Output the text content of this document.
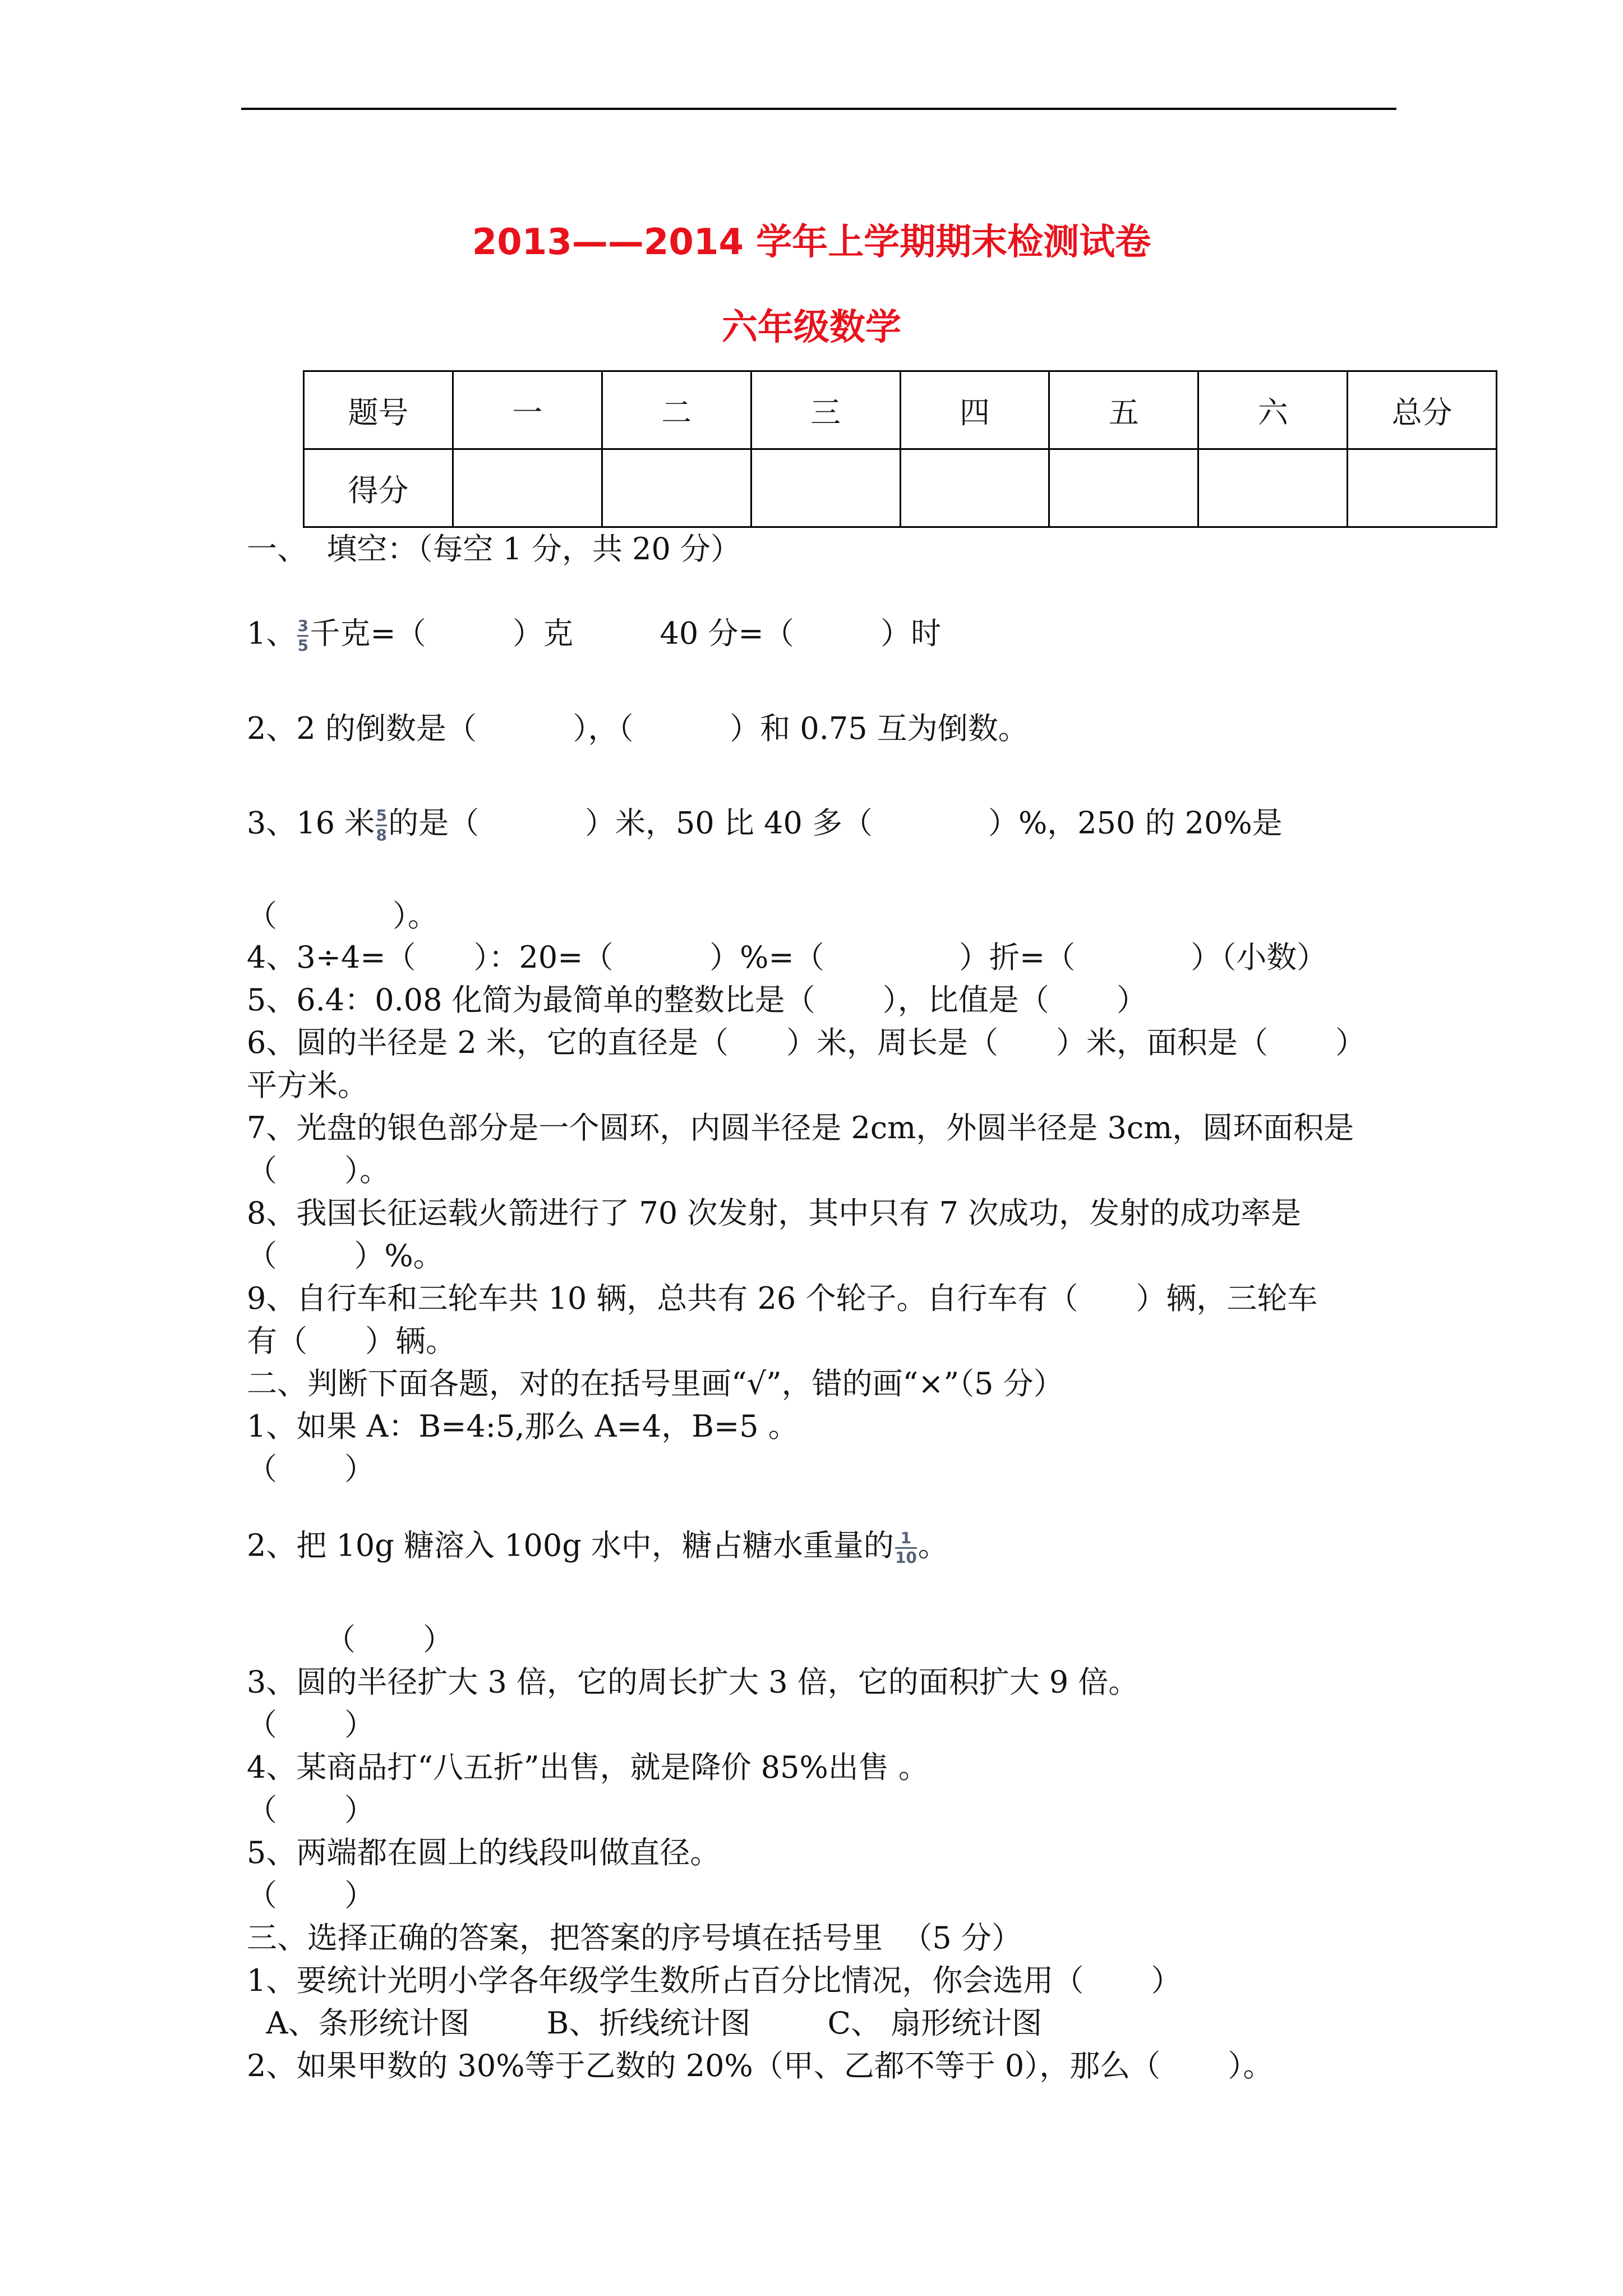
2013——2014 学年上学期期末检测试卷
六年级数学
题号	一	二	三	四	五	六	总分
得分							
一、  填空：（每空 1 分，共 20 分）
1、 $\frac{3}{5}$ 千克=（         ）克         40 分=（         ）时
2、2 的倒数是（          ），（          ）和 0.75 互为倒数。
3、16 米 $\frac{5}{8}$ 的是（           ）米，50 比 40 多（            ）%，250 的 20%是
（            ）。
4、3÷4=（      ）：20=（          ）%=（              ）折=（            ）（小数）
5、6.4：0.08 化简为最简单的整数比是（       ），比值是（       ）
6、圆的半径是 2 米，它的直径是（      ）米，周长是（      ）米，面积是（       ）
平方米。
7、光盘的银色部分是一个圆环，内圆半径是 2cm，外圆半径是 3cm，圆环面积是
（       ）。
8、我国长征运载火箭进行了 70 次发射，其中只有 7 次成功，发射的成功率是
（        ）%。
9、自行车和三轮车共 10 辆，总共有 26 个轮子。自行车有（      ）辆，三轮车
有（      ）辆。
二、判断下面各题，对的在括号里画“√”，错的画“×”（5 分）
1、如果 A：B=4:5,那么 A=4，B=5 。
（       ）
2、把 10g 糖溶入 100g 水中，糖占糖水重量的 $\frac{1}{10}$ 。
（       ）
3、圆的半径扩大 3 倍，它的周长扩大 3 倍，它的面积扩大 9 倍。
（       ）
4、某商品打“八五折”出售，就是降价 85%出售 。
（       ）
5、两端都在圆上的线段叫做直径。
（       ）
三、选择正确的答案，把答案的序号填在括号里  （5 分）
1、要统计光明小学各年级学生数所占百分比情况，你会选用（       ）
A、条形统计图        B、折线统计图        C、 扇形统计图
2、如果甲数的 30%等于乙数的 20%（甲、乙都不等于 0），那么（       ）。
